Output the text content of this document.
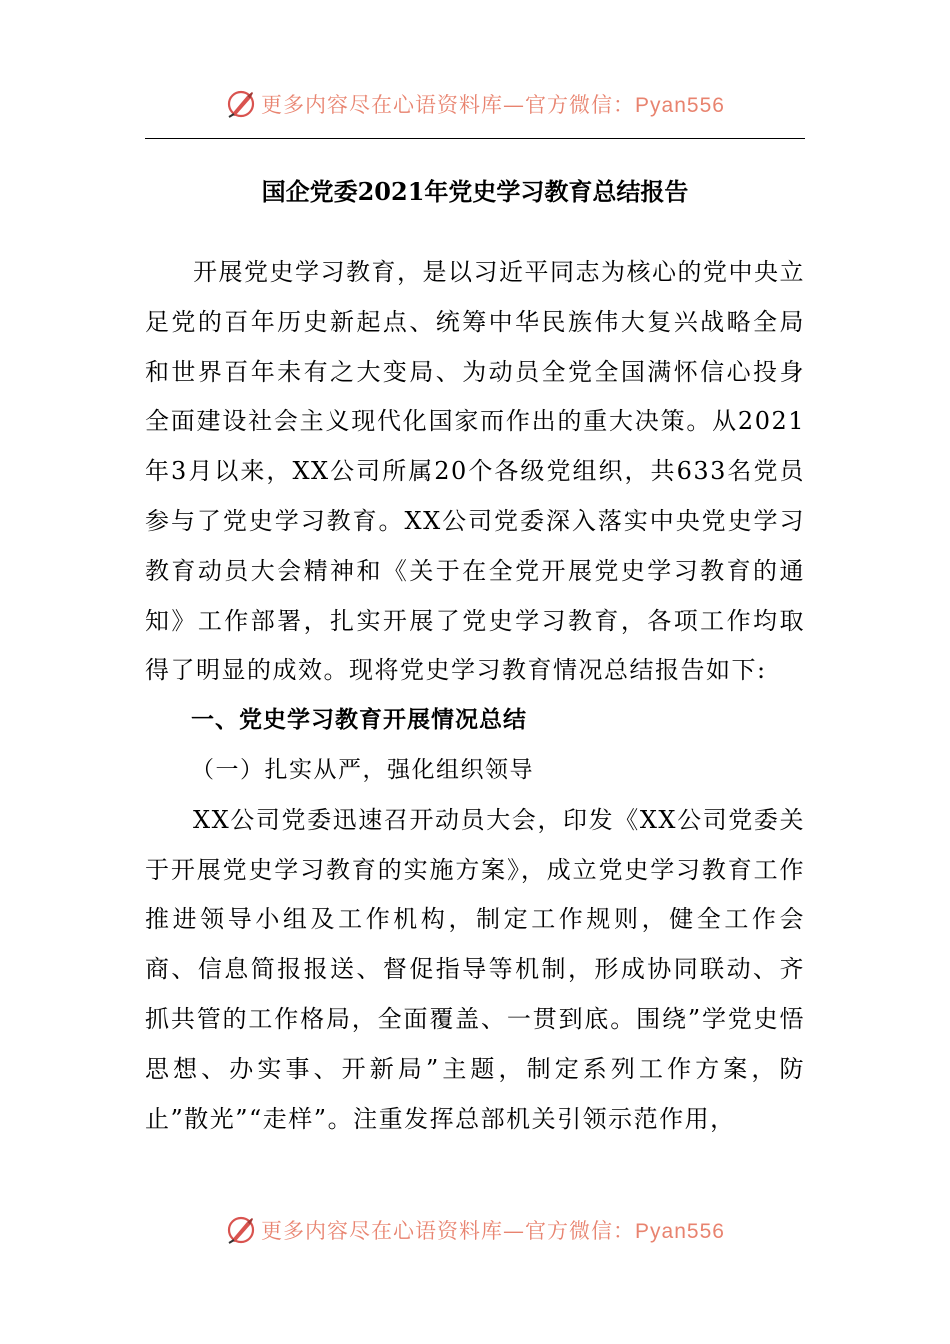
更多内容尽在心语资料库—官方微信：Pyan556
国企党委2021年党史学习教育总结报告

开展党史学习教育，是以习近平同志为核心的党中央立足党的百年历史新起点、统筹中华民族伟大复兴战略全局和世界百年未有之大变局、为动员全党全国满怀信心投身全面建设社会主义现代化国家而作出的重大决策。从2021年3月以来，XX公司所属20个各级党组织，共633名党员参与了党史学习教育。XX公司党委深入落实中央党史学习教育动员大会精神和《关于在全党开展党史学习教育的通知》工作部署，扎实开展了党史学习教育，各项工作均取得了明显的成效。现将党史学习教育情况总结报告如下:

一、党史学习教育开展情况总结

（一）扎实从严，强化组织领导

XX公司党委迅速召开动员大会，印发《XX公司党委关于开展党史学习教育的实施方案》，成立党史学习教育工作推进领导小组及工作机构，制定工作规则，健全工作会商、信息简报报送、督促指导等机制，形成协同联动、齐抓共管的工作格局，全面覆盖、一贯到底。围绕”学党史悟思想、办实事、开新局”主题，制定系列工作方案，防止”散光”“走样”。注重发挥总部机关引领示范作用，

更多内容尽在心语资料库—官方微信：Pyan556
